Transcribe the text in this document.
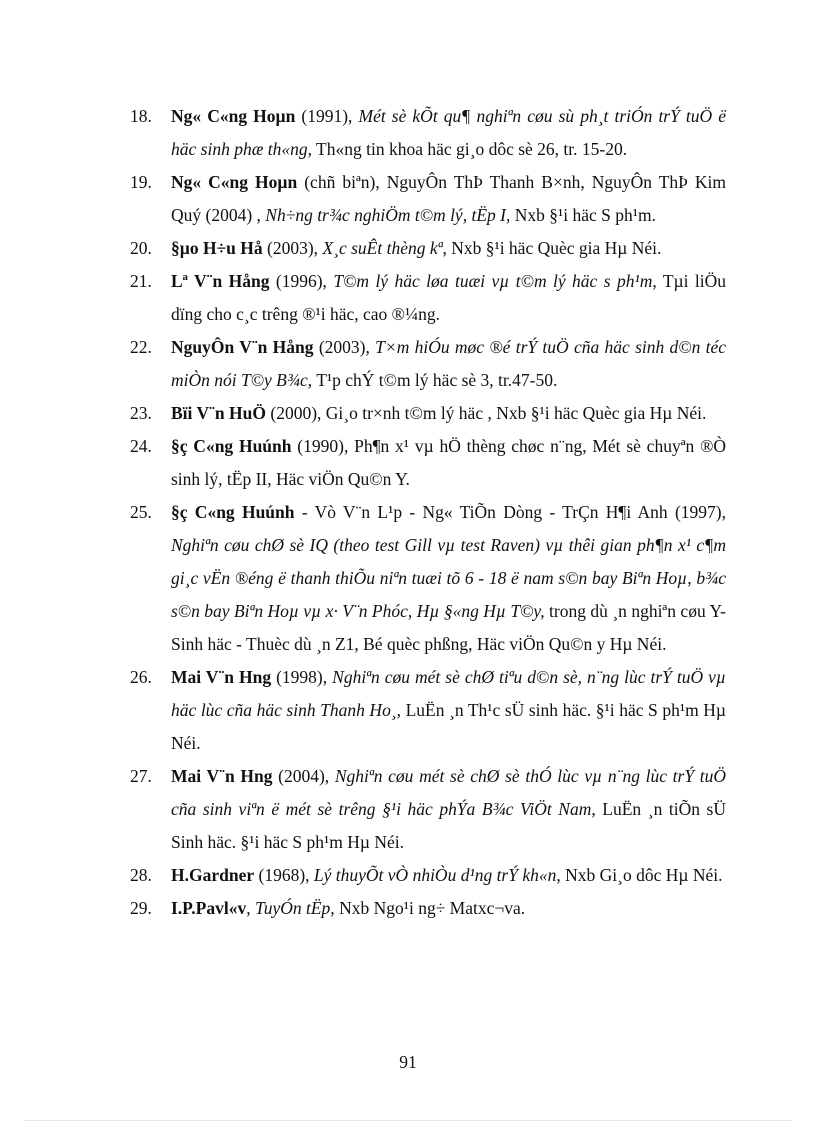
18.	Ng« C«ng Hoµn (1991), Mét sè kÕt qu¶ nghiªn cøu sù ph¸t triÓn trÝ tuÖ ë häc sinh phæ th«ng, Th«ng tin khoa häc gi¸o dôc sè 26, tr. 15-20.
19.	Ng« C«ng Hoµn (chñ biªn), NguyÔn ThÞ Thanh B×nh, NguyÔn ThÞ Kim Quý (2004) , Nh÷ng tr¾c nghiÖm t©m lý, tËp I, Nxb §¹i häc S ph¹m.
20.	§µo H÷u Hå (2003), X¸c suÊt thèng kª, Nxb §¹i häc Quèc gia Hµ Néi.
21.	Lª V¨n Hång (1996), T©m lý häc løa tuæi vµ t©m lý häc s ph¹m, Tµi liÖu dïng cho c¸c trêng ®¹i häc, cao ®¼ng.
22.	NguyÔn V¨n Hång (2003), T×m hiÓu møc ®é trÝ tuÖ cña häc sinh d©n téc miÒn nói T©y B¾c, T¹p chÝ t©m lý häc sè 3, tr.47-50.
23.	Bïi V¨n HuÖ (2000), Gi¸o tr×nh t©m lý häc , Nxb §¹i häc Quèc gia Hµ Néi.
24.	§ç C«ng Huúnh (1990), Ph¶n x¹ vµ hÖ thèng chøc n¨ng, Mét sè chuyªn ®Ò sinh lý, tËp II, Häc viÖn Qu©n Y.
25.	§ç C«ng Huúnh - Vò V¨n L¹p - Ng« TiÕn Dòng - TrÇn H¶i Anh (1997), Nghiªn cøu chØ sè IQ (theo test Gill vµ test Raven) vµ thêi gian ph¶n x¹ c¶m gi¸c vËn ®éng ë thanh thiÕu niªn tuæi tõ 6 - 18 ë nam s©n bay Biªn Hoµ, b¾c s©n bay Biªn Hoµ vµ x· V¨n Phóc, Hµ §«ng Hµ T©y, trong dù ¸n nghiªn cøu Y- Sinh häc - Thuèc dù ¸n Z1, Bé quèc phßng, Häc viÖn Qu©n y Hµ Néi.
26.	Mai V¨n Hng (1998), Nghiªn cøu mét sè chØ tiªu d©n sè, n¨ng lùc trÝ tuÖ vµ häc lùc cña häc sinh Thanh Ho¸, LuËn ¸n Th¹c sÜ sinh häc. §¹i häc S ph¹m Hµ Néi.
27.	Mai V¨n Hng (2004), Nghiªn cøu mét sè chØ sè thÓ lùc vµ n¨ng lùc trÝ tuÖ cña sinh viªn ë mét sè trêng §¹i häc phÝa B¾c ViÖt Nam, LuËn ¸n tiÕn sÜ Sinh häc. §¹i häc S ph¹m Hµ Néi.
28.	H.Gardner (1968), Lý thuyÕt vÒ nhiÒu d¹ng trÝ kh«n, Nxb Gi¸o dôc Hµ Néi.
29.	I.P.Pavl«v, TuyÓn tËp, Nxb Ngo¹i ng÷ Matxc¬va.
91
